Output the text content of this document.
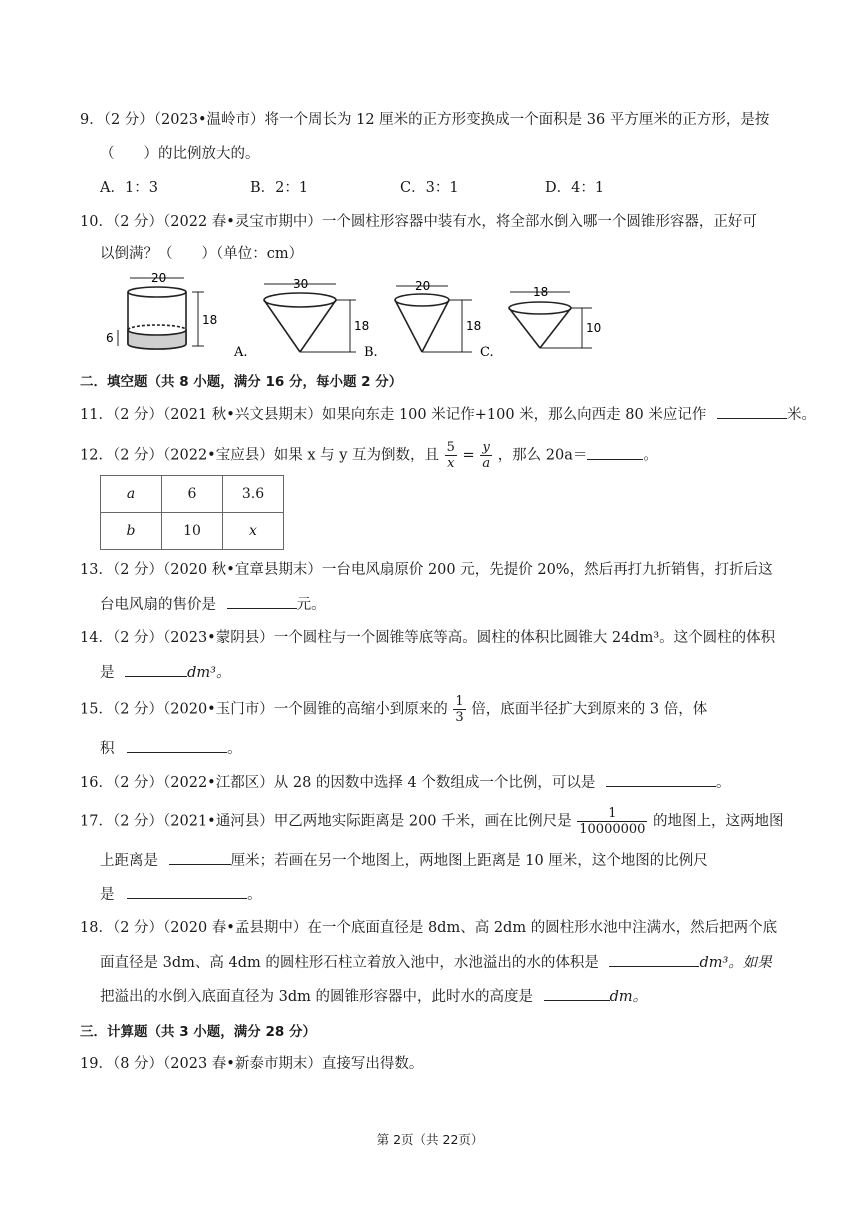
9．（2 分）（2023•温岭市）将一个周长为 12 厘米的正方形变换成一个面积是 36 平方厘米的正方形，是按
（　　）的比例放大的。
A．1：3	B．2：1	C．3：1	D．4：1
10．（2 分）（2022 春•灵宝市期中）一个圆柱形容器中装有水，将全部水倒入哪一个圆锥形容器，正好可
以倒满？（　　）（单位：cm）
20
18
6
A.
30
18
B.
20
18
C.
18
10
二．填空题（共 8 小题，满分 16 分，每小题 2 分）
11．（2 分）（2021 秋•兴文县期末）如果向东走 100 米记作+100 米，那么向西走 80 米应记作	米。
12．（2 分）（2022•宝应县）如果 x 与 y 互为倒数，且 $\frac{5}{x} = \frac{y}{a}$ ，那么 20a＝	。
a	6	3.6
b	10	x
13．（2 分）（2020 秋•宜章县期末）一台电风扇原价 200 元，先提价 20%，然后再打九折销售，打折后这
台电风扇的售价是	元。
14．（2 分）（2023•蒙阴县）一个圆柱与一个圆锥等底等高。圆柱的体积比圆锥大 24dm³。这个圆柱的体积
是	dm³。
15．（2 分）（2020•玉门市）一个圆锥的高缩小到原来的 $\frac{1}{3}$ 倍，底面半径扩大到原来的 3 倍，体
积	。
16．（2 分）（2022•江都区）从 28 的因数中选择 4 个数组成一个比例，可以是	。
17．（2 分）（2021•通河县）甲乙两地实际距离是 200 千米，画在比例尺是 $\frac{1}{10000000}$ 的地图上，这两地图
上距离是	厘米；若画在另一个地图上，两地图上距离是 10 厘米，这个地图的比例尺
是	。
18．（2 分）（2020 春•孟县期中）在一个底面直径是 8dm、高 2dm 的圆柱形水池中注满水，然后把两个底
面直径是 3dm、高 4dm 的圆柱形石柱立着放入池中，水池溢出的水的体积是	dm³。如果
把溢出的水倒入底面直径为 3dm 的圆锥形容器中，此时水的高度是	dm。
三．计算题（共 3 小题，满分 28 分）
19．（8 分）（2023 春•新泰市期末）直接写出得数。
第 2页（共 22页）
